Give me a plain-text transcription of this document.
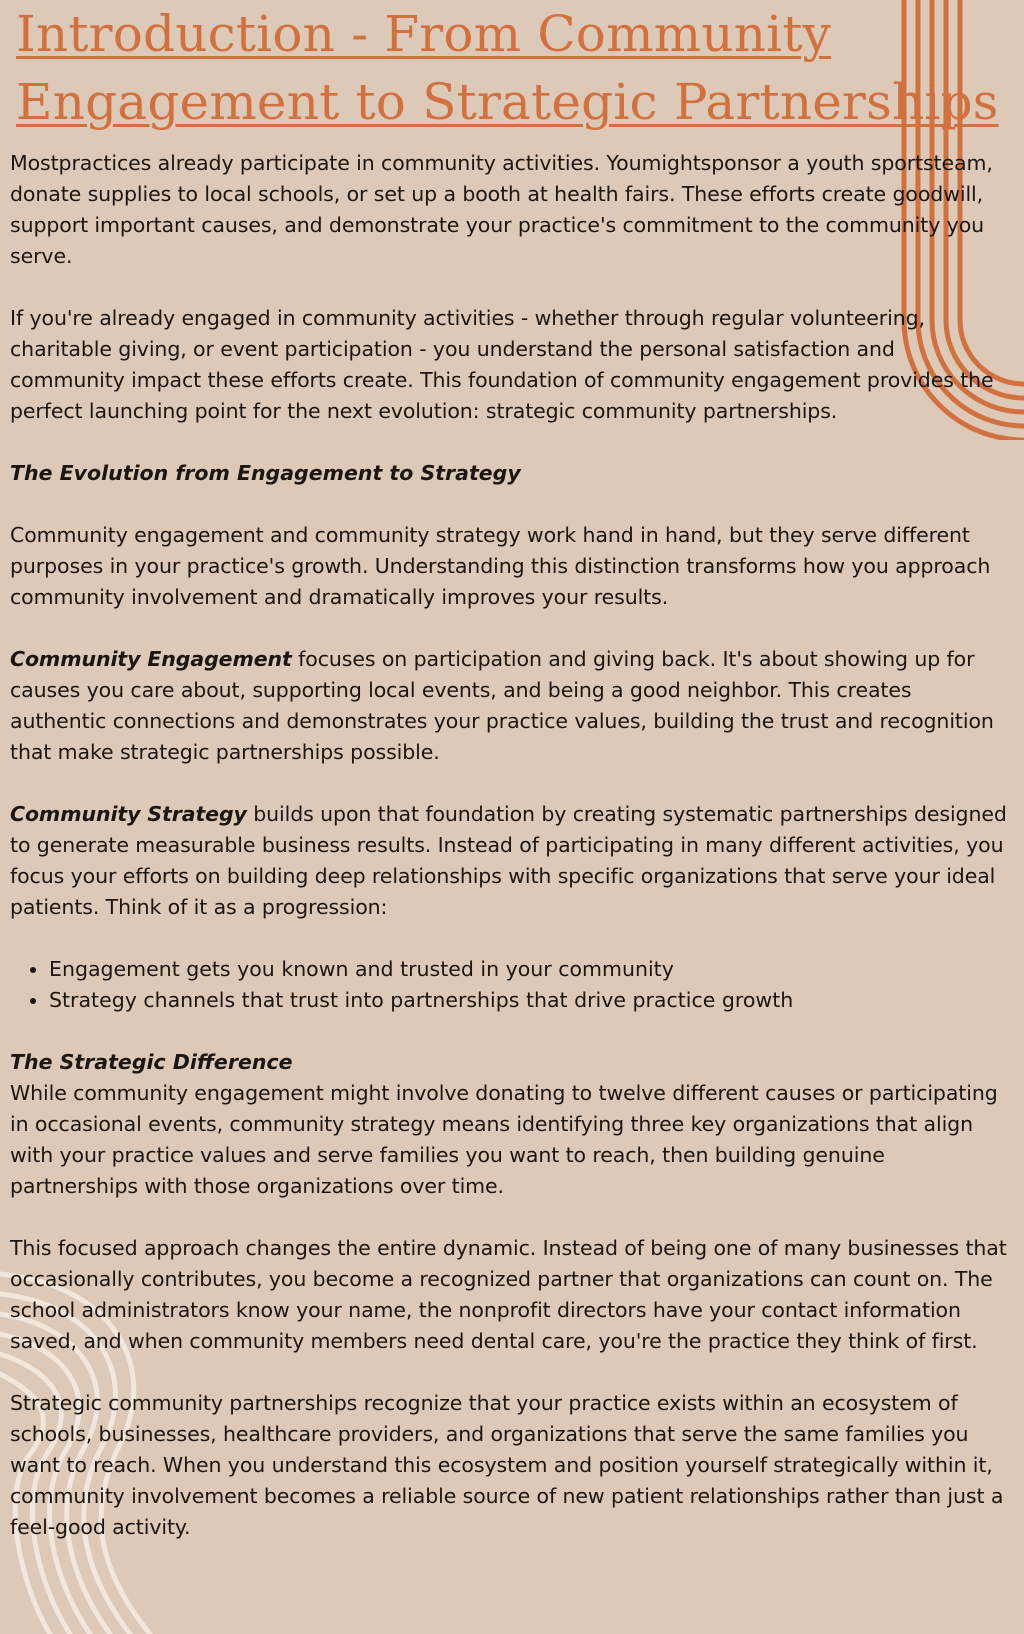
Introduction - From Community Engagement to Strategic Partnerships

Mostpractices already participate in community activities. Youmightsponsor a youth sportsteam, donate supplies to local schools, or set up a booth at health fairs. These efforts create goodwill, support important causes, and demonstrate your practice's commitment to the community you serve.

If you're already engaged in community activities - whether through regular volunteering, charitable giving, or event participation - you understand the personal satisfaction and community impact these efforts create. This foundation of community engagement provides the perfect launching point for the next evolution: strategic community partnerships.

The Evolution from Engagement to Strategy

Community engagement and community strategy work hand in hand, but they serve different purposes in your practice's growth. Understanding this distinction transforms how you approach community involvement and dramatically improves your results.

Community Engagement focuses on participation and giving back. It's about showing up for causes you care about, supporting local events, and being a good neighbor. This creates authentic connections and demonstrates your practice values, building the trust and recognition that make strategic partnerships possible.

Community Strategy builds upon that foundation by creating systematic partnerships designed to generate measurable business results. Instead of participating in many different activities, you focus your efforts on building deep relationships with specific organizations that serve your ideal patients. Think of it as a progression:

• Engagement gets you known and trusted in your community
• Strategy channels that trust into partnerships that drive practice growth
The Strategic Difference

While community engagement might involve donating to twelve different causes or participating in occasional events, community strategy means identifying three key organizations that align with your practice values and serve families you want to reach, then building genuine partnerships with those organizations over time.

This focused approach changes the entire dynamic. Instead of being one of many businesses that occasionally contributes, you become a recognized partner that organizations can count on. The school administrators know your name, the nonprofit directors have your contact information saved, and when community members need dental care, you're the practice they think of first.

Strategic community partnerships recognize that your practice exists within an ecosystem of schools, businesses, healthcare providers, and organizations that serve the same families you want to reach. When you understand this ecosystem and position yourself strategically within it, community involvement becomes a reliable source of new patient relationships rather than just a feel-good activity.
